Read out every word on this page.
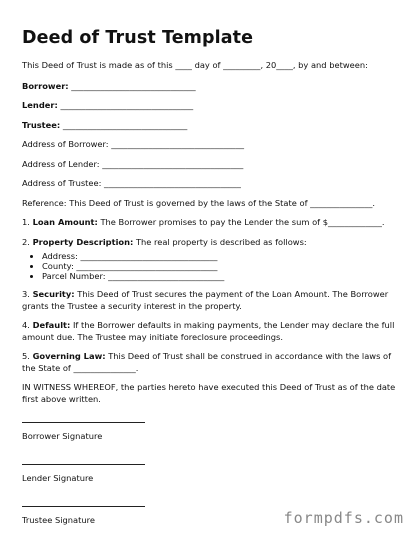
Deed of Trust Template

This Deed of Trust is made as of this ____ day of _________, 20____, by and between:

Borrower: ______________________________

Lender: ________________________________

Trustee: ______________________________

Address of Borrower: ________________________________

Address of Lender: __________________________________

Address of Trustee: _________________________________

Reference: This Deed of Trust is governed by the laws of the State of _______________.

1. Loan Amount: The Borrower promises to pay the Lender the sum of $_____________.

2. Property Description: The real property is described as follows:

• Address: _________________________________
• County: __________________________________
• Parcel Number: ____________________________

3. Security: This Deed of Trust secures the payment of the Loan Amount. The Borrower grants the Trustee a security interest in the property.

4. Default: If the Borrower defaults in making payments, the Lender may declare the full amount due. The Trustee may initiate foreclosure proceedings.

5. Governing Law: This Deed of Trust shall be construed in accordance with the laws of the State of _______________.

IN WITNESS WHEREOF, the parties hereto have executed this Deed of Trust as of the date first above written.

Borrower Signature
Lender Signature
Trustee Signature	formpdfs.com
